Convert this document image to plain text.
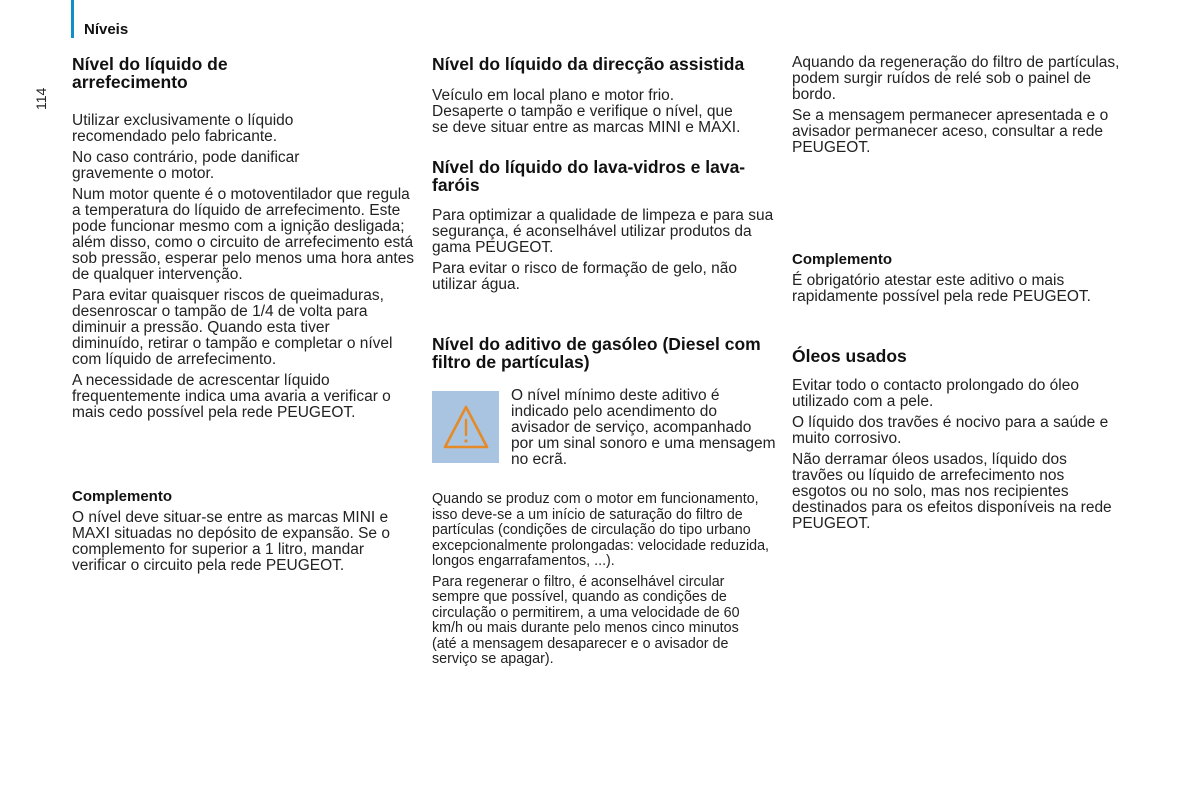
Níveis
114
Nível do líquido de arrefecimento

Utilizar exclusivamente o líquido recomendado pelo fabricante.

No caso contrário, pode danificar gravemente o motor.

Num motor quente é o motoventilador que regula a temperatura do líquido de arrefecimento. Este pode funcionar mesmo com a ignição desligada; além disso, como o circuito de arrefecimento está sob pressão, esperar pelo menos uma hora antes de qualquer intervenção.

Para evitar quaisquer riscos de queimaduras, desenroscar o tampão de 1/4 de volta para diminuir a pressão. Quando esta tiver diminuído, retirar o tampão e completar o nível com líquido de arrefecimento.

A necessidade de acrescentar líquido frequentemente indica uma avaria a verificar o mais cedo possível pela rede PEUGEOT.

Complemento

O nível deve situar-se entre as marcas MINI e MAXI situadas no depósito de expansão. Se o complemento for superior a 1 litro, mandar verificar o circuito pela rede PEUGEOT.

Nível do líquido da direcção assistida

Veículo em local plano e motor frio. Desaperte o tampão e verifique o nível, que se deve situar entre as marcas MINI e MAXI.

Nível do líquido do lava-vidros e lava-faróis

Para optimizar a qualidade de limpeza e para sua segurança, é aconselhável utilizar produtos da gama PEUGEOT.

Para evitar o risco de formação de gelo, não utilizar água.

Nível do aditivo de gasóleo (Diesel com filtro de partículas)

O nível mínimo deste aditivo é indicado pelo acendimento do avisador de serviço, acompanhado por um sinal sonoro e uma mensagem no ecrã.

Quando se produz com o motor em funcionamento, isso deve-se a um início de saturação do filtro de partículas (condições de circulação do tipo urbano excepcionalmente prolongadas: velocidade reduzida, longos engarrafamentos, ...).

Para regenerar o filtro, é aconselhável circular sempre que possível, quando as condições de circulação o permitirem, a uma velocidade de 60 km/h ou mais durante pelo menos cinco minutos (até a mensagem desaparecer e o avisador de serviço se apagar).

Aquando da regeneração do filtro de partículas, podem surgir ruídos de relé sob o painel de bordo.

Se a mensagem permanecer apresentada e o avisador permanecer aceso, consultar a rede PEUGEOT.

Complemento

É obrigatório atestar este aditivo o mais rapidamente possível pela rede PEUGEOT.

Óleos usados

Evitar todo o contacto prolongado do óleo utilizado com a pele.

O líquido dos travões é nocivo para a saúde e muito corrosivo.

Não derramar óleos usados, líquido dos travões ou líquido de arrefecimento nos esgotos ou no solo, mas nos recipientes destinados para os efeitos disponíveis na rede PEUGEOT.
